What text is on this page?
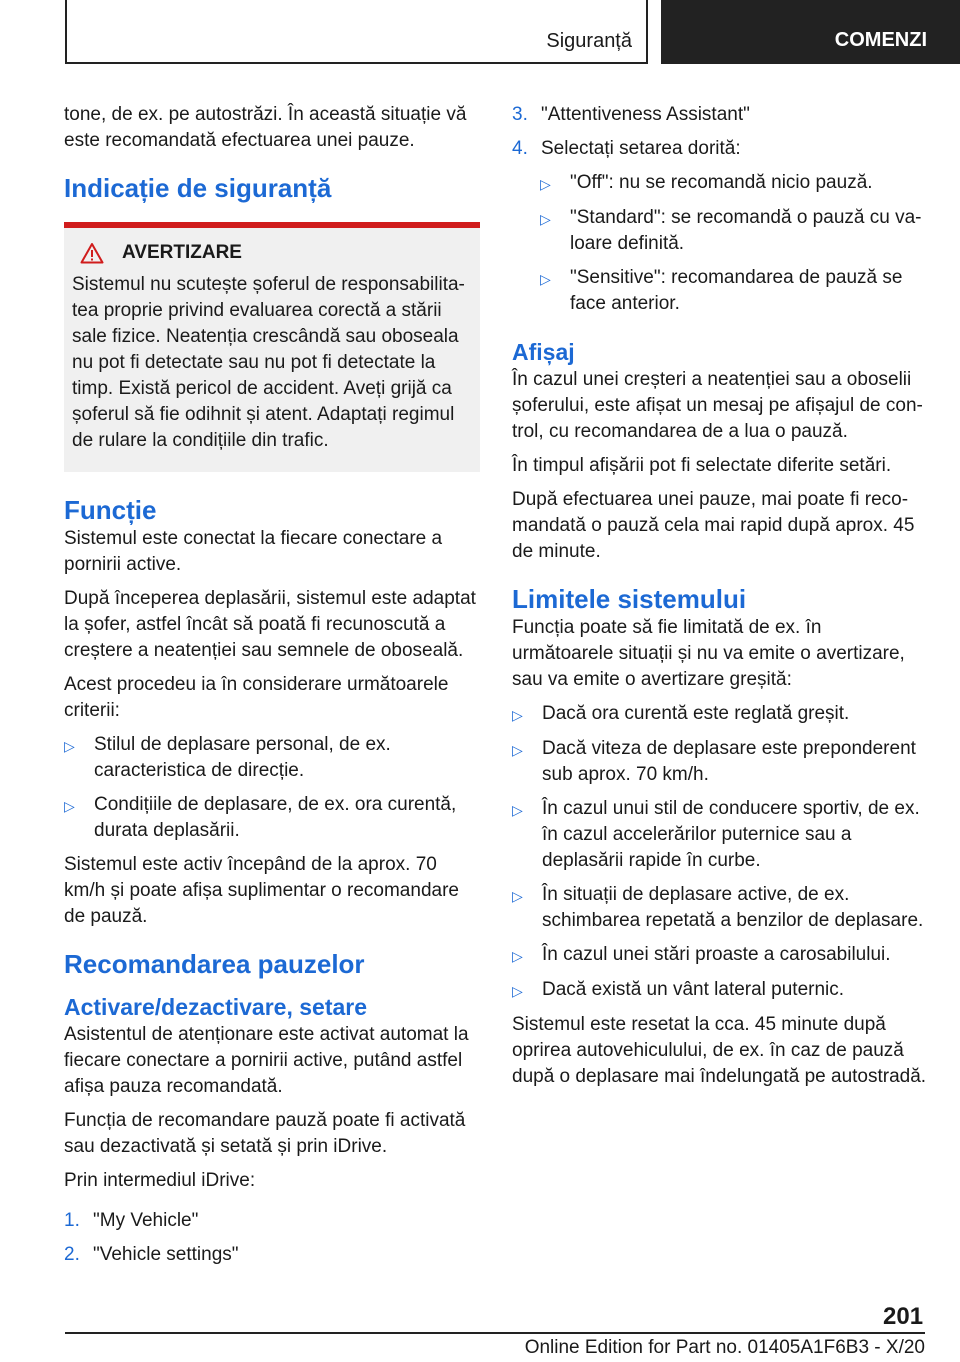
Siguranță	COMENZI

tone, de ex. pe autostrăzi. În această situație vă este recomandată efectuarea unei pauze.

Indicație de siguranță
AVERTIZARE

Sistemul nu scutește șoferul de responsabilitatea proprie privind evaluarea corectă a stării sale fizice. Neatenția crescândă sau oboseala nu pot fi detectate sau nu pot fi detectate la timp. Există pericol de accident. Aveți grijă ca șoferul să fie odihnit și atent. Adaptați regimul de rulare la condițiile din trafic.

Funcție

Sistemul este conectat la fiecare conectare a pornirii active.

După începerea deplasării, sistemul este adaptat la șofer, astfel încât să poată fi recunoscută a creștere a neatenției sau semnele de oboseală.

Acest procedeu ia în considerare următoarele criterii:

▷	Stilul de deplasare personal, de ex. caracteristica de direcție.
▷	Condițiile de deplasare, de ex. ora curentă, durata deplasării.

Sistemul este activ începând de la aprox. 70 km/h și poate afișa suplimentar o recomandare de pauză.

Recomandarea pauzelor
Activare/dezactivare, setare

Asistentul de atenționare este activat automat la fiecare conectare a pornirii active, putând astfel afișa pauza recomandată.

Funcția de recomandare pauză poate fi activată sau dezactivată și setată și prin iDrive.

Prin intermediul iDrive:

1. "My Vehicle"
2. "Vehicle settings"
3. "Attentiveness Assistant"
4. Selectați setarea dorită:
▷	"Off": nu se recomandă nicio pauză.
▷	"Standard": se recomandă o pauză cu valoare definită.
▷	"Sensitive": recomandarea de pauză se face anterior.
Afișaj

În cazul unei creșteri a neatenției sau a oboselii șoferului, este afișat un mesaj pe afișajul de control, cu recomandarea de a lua o pauză.

În timpul afișării pot fi selectate diferite setări.

După efectuarea unei pauze, mai poate fi recomandată o pauză cela mai rapid după aprox. 45 de minute.

Limitele sistemului

Funcția poate să fie limitată de ex. în următoarele situații și nu va emite o avertizare, sau va emite o avertizare greșită:

▷	Dacă ora curentă este reglată greșit.
▷	Dacă viteza de deplasare este preponderent sub aprox. 70 km/h.
▷	În cazul unui stil de conducere sportiv, de ex. în cazul accelerărilor puternice sau a deplasării rapide în curbe.
▷	În situații de deplasare active, de ex. schimbarea repetată a benzilor de deplasare.
▷	În cazul unei stări proaste a carosabilului.
▷	Dacă există un vânt lateral puternic.

Sistemul este resetat la cca. 45 minute după oprirea autovehiculului, de ex. în caz de pauză după o deplasare mai îndelungată pe autostradă.

201
Online Edition for Part no. 01405A1F6B3 - X/20
